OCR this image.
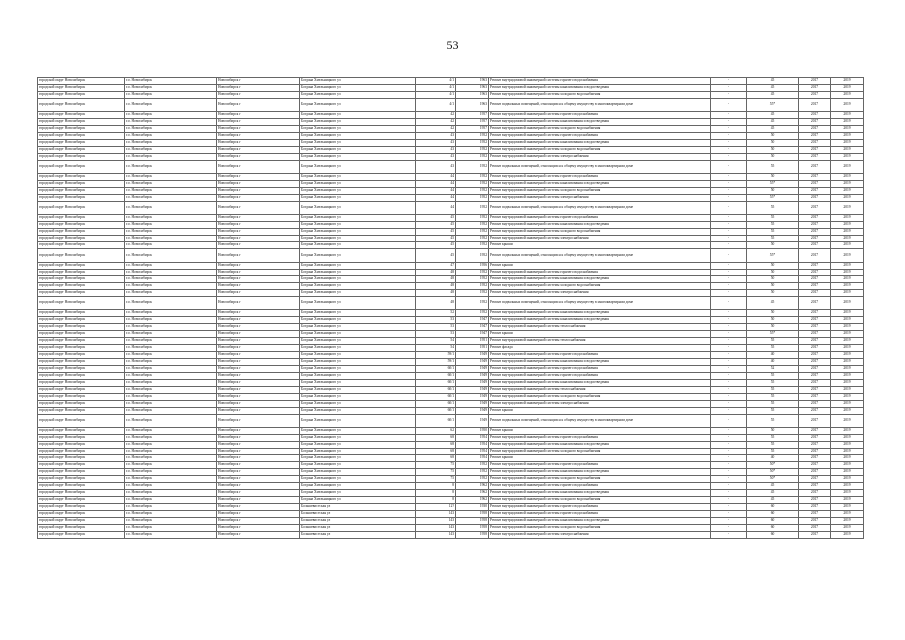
53
городской округ Новосибирск	г.о. Новосибирск	Новосибирск г	Богдана Хмельницкого ул	4/1	1963	Ремонт внутридомовой инженерной системы горячего водоснабжения	-	45	2017	2019
городской округ Новосибирск	г.о. Новосибирск	Новосибирск г	Богдана Хмельницкого ул	4/1	1963	Ремонт внутридомовой инженерной системы канализования и водоотведения	-	45	2017	2019
городской округ Новосибирск	г.о. Новосибирск	Новосибирск г	Богдана Хмельницкого ул	4/1	1963	Ремонт внутридомовой инженерной системы холодного водоснабжения	-	45	2017	2019
городской округ Новосибирск	г.о. Новосибирск	Новосибирск г	Богдана Хмельницкого ул	4/1	1963	Ремонт подвальных помещений, относящихся к общему имуществу в многоквартирном доме	-	55*	2017	2019
городской округ Новосибирск	г.о. Новосибирск	Новосибирск г	Богдана Хмельницкого ул	42	1957	Ремонт внутридомовой инженерной системы горячего водоснабжения	-	45	2017	2019
городской округ Новосибирск	г.о. Новосибирск	Новосибирск г	Богдана Хмельницкого ул	42	1957	Ремонт внутридомовой инженерной системы канализования и водоотведения	-	45	2017	2019
городской округ Новосибирск	г.о. Новосибирск	Новосибирск г	Богдана Хмельницкого ул	42	1957	Ремонт внутридомовой инженерной системы холодного водоснабжения	-	45	2017	2019
городской округ Новосибирск	г.о. Новосибирск	Новосибирск г	Богдана Хмельницкого ул	43	1952	Ремонт внутридомовой инженерной системы горячего водоснабжения	-	50	2017	2019
городской округ Новосибирск	г.о. Новосибирск	Новосибирск г	Богдана Хмельницкого ул	43	1952	Ремонт внутридомовой инженерной системы канализования и водоотведения	-	50	2017	2019
городской округ Новосибирск	г.о. Новосибирск	Новосибирск г	Богдана Хмельницкого ул	43	1952	Ремонт внутридомовой инженерной системы холодного водоснабжения	-	50	2017	2019
городской округ Новосибирск	г.о. Новосибирск	Новосибирск г	Богдана Хмельницкого ул	43	1952	Ремонт внутридомовой инженерной системы электроснабжения	-	50	2017	2019
городской округ Новосибирск	г.о. Новосибирск	Новосибирск г	Богдана Хмельницкого ул	43	1952	Ремонт подвальных помещений, относящихся к общему имуществу в многоквартирном доме	-	55	2017	2019
городской округ Новосибирск	г.о. Новосибирск	Новосибирск г	Богдана Хмельницкого ул	44	1952	Ремонт внутридомовой инженерной системы горячего водоснабжения	-	50	2017	2019
городской округ Новосибирск	г.о. Новосибирск	Новосибирск г	Богдана Хмельницкого ул	44	1952	Ремонт внутридомовой инженерной системы канализования и водоотведения	-	55*	2017	2019
городской округ Новосибирск	г.о. Новосибирск	Новосибирск г	Богдана Хмельницкого ул	44	1952	Ремонт внутридомовой инженерной системы холодного водоснабжения	-	50	2017	2019
городской округ Новосибирск	г.о. Новосибирск	Новосибирск г	Богдана Хмельницкого ул	44	1952	Ремонт внутридомовой инженерной системы электроснабжения	-	55*	2017	2019
городской округ Новосибирск	г.о. Новосибирск	Новосибирск г	Богдана Хмельницкого ул	44	1952	Ремонт подвальных помещений, относящихся к общему имуществу в многоквартирном доме	-	55	2017	2019
городской округ Новосибирск	г.о. Новосибирск	Новосибирск г	Богдана Хмельницкого ул	45	1952	Ремонт внутридомовой инженерной системы горячего водоснабжения	-	55	2017	2019
городской округ Новосибирск	г.о. Новосибирск	Новосибирск г	Богдана Хмельницкого ул	45	1952	Ремонт внутридомовой инженерной системы канализования и водоотведения	-	55	2017	2019
городской округ Новосибирск	г.о. Новосибирск	Новосибирск г	Богдана Хмельницкого ул	45	1952	Ремонт внутридомовой инженерной системы холодного водоснабжения	-	55	2017	2019
городской округ Новосибирск	г.о. Новосибирск	Новосибирск г	Богдана Хмельницкого ул	45	1952	Ремонт внутридомовой инженерной системы электроснабжения	-	55	2017	2019
городской округ Новосибирск	г.о. Новосибирск	Новосибирск г	Богдана Хмельницкого ул	45	1952	Ремонт крыши	-	50	2017	2019
городской округ Новосибирск	г.о. Новосибирск	Новосибирск г	Богдана Хмельницкого ул	45	1952	Ремонт подвальных помещений, относящихся к общему имуществу в многоквартирном доме	-	55*	2017	2019
городской округ Новосибирск	г.о. Новосибирск	Новосибирск г	Богдана Хмельницкого ул	47	1956	Ремонт крыши	-	50	2017	2019
городской округ Новосибирск	г.о. Новосибирск	Новосибирск г	Богдана Хмельницкого ул	48	1952	Ремонт внутридомовой инженерной системы горячего водоснабжения	-	50	2017	2019
городской округ Новосибирск	г.о. Новосибирск	Новосибирск г	Богдана Хмельницкого ул	48	1952	Ремонт внутридомовой инженерной системы канализования и водоотведения	-	50	2017	2019
городской округ Новосибирск	г.о. Новосибирск	Новосибирск г	Богдана Хмельницкого ул	48	1952	Ремонт внутридомовой инженерной системы холодного водоснабжения	-	50	2017	2019
городской округ Новосибирск	г.о. Новосибирск	Новосибирск г	Богдана Хмельницкого ул	48	1952	Ремонт внутридомовой инженерной системы электроснабжения	-	50	2017	2019
городской округ Новосибирск	г.о. Новосибирск	Новосибирск г	Богдана Хмельницкого ул	48	1952	Ремонт подвальных помещений, относящихся к общему имуществу в многоквартирном доме	-	45	2017	2019
городской округ Новосибирск	г.о. Новосибирск	Новосибирск г	Богдана Хмельницкого ул	52	1952	Ремонт внутридомовой инженерной системы канализования и водоотведения	-	50	2017	2019
городской округ Новосибирск	г.о. Новосибирск	Новосибирск г	Богдана Хмельницкого ул	53	1947	Ремонт внутридомовой инженерной системы канализования и водоотведения	-	50	2017	2019
городской округ Новосибирск	г.о. Новосибирск	Новосибирск г	Богдана Хмельницкого ул	53	1947	Ремонт внутридомовой инженерной системы теплоснабжения	-	50	2017	2019
городской округ Новосибирск	г.о. Новосибирск	Новосибирск г	Богдана Хмельницкого ул	53	1947	Ремонт крыши	-	55*	2017	2019
городской округ Новосибирск	г.о. Новосибирск	Новосибирск г	Богдана Хмельницкого ул	54	1951	Ремонт внутридомовой инженерной системы теплоснабжения	-	55	2017	2019
городской округ Новосибирск	г.о. Новосибирск	Новосибирск г	Богдана Хмельницкого ул	54	1951	Ремонт фасада	-	55	2017	2019
городской округ Новосибирск	г.о. Новосибирск	Новосибирск г	Богдана Хмельницкого ул	59/1	1949	Ремонт внутридомовой инженерной системы горячего водоснабжения	-	40	2017	2019
городской округ Новосибирск	г.о. Новосибирск	Новосибирск г	Богдана Хмельницкого ул	59/1	1949	Ремонт внутридомовой инженерной системы канализования и водоотведения	-	40	2017	2019
городской округ Новосибирск	г.о. Новосибирск	Новосибирск г	Богдана Хмельницкого ул	60/1	1949	Ремонт внутридомовой инженерной системы горячего водоснабжения	-	52	2017	2019
городской округ Новосибирск	г.о. Новосибирск	Новосибирск г	Богдана Хмельницкого ул	60/1	1949	Ремонт внутридомовой инженерной системы горячего водоснабжения	-	55	2017	2019
городской округ Новосибирск	г.о. Новосибирск	Новосибирск г	Богдана Хмельницкого ул	60/1	1949	Ремонт внутридомовой инженерной системы канализования и водоотведения	-	55	2017	2019
городской округ Новосибирск	г.о. Новосибирск	Новосибирск г	Богдана Хмельницкого ул	60/1	1949	Ремонт внутридомовой инженерной системы теплоснабжения	-	55	2017	2019
городской округ Новосибирск	г.о. Новосибирск	Новосибирск г	Богдана Хмельницкого ул	60/1	1949	Ремонт внутридомовой инженерной системы холодного водоснабжения	-	55	2017	2019
городской округ Новосибирск	г.о. Новосибирск	Новосибирск г	Богдана Хмельницкого ул	60/1	1949	Ремонт внутридомовой инженерной системы электроснабжения	-	55	2017	2019
городской округ Новосибирск	г.о. Новосибирск	Новосибирск г	Богдана Хмельницкого ул	60/1	1949	Ремонт крыши	-	55	2017	2019
городской округ Новосибирск	г.о. Новосибирск	Новосибирск г	Богдана Хмельницкого ул	60/1	1949	Ремонт подвальных помещений, относящихся к общему имуществу в многоквартирном доме	-	55	2017	2019
городской округ Новосибирск	г.о. Новосибирск	Новосибирск г	Богдана Хмельницкого ул	62	1950	Ремонт крыши	-	50	2017	2019
городской округ Новосибирск	г.о. Новосибирск	Новосибирск г	Богдана Хмельницкого ул	68	1954	Ремонт внутридомовой инженерной системы горячего водоснабжения	-	55	2017	2019
городской округ Новосибирск	г.о. Новосибирск	Новосибирск г	Богдана Хмельницкого ул	68	1954	Ремонт внутридомовой инженерной системы канализования и водоотведения	-	55	2017	2019
городской округ Новосибирск	г.о. Новосибирск	Новосибирск г	Богдана Хмельницкого ул	68	1954	Ремонт внутридомовой инженерной системы холодного водоснабжения	-	55	2017	2019
городской округ Новосибирск	г.о. Новосибирск	Новосибирск г	Богдана Хмельницкого ул	68	1954	Ремонт крыши	-	40	2017	2019
городской округ Новосибирск	г.о. Новосибирск	Новосибирск г	Богдана Хмельницкого ул	75	1952	Ремонт внутридомовой инженерной системы горячего водоснабжения	-	50*	2017	2019
городской округ Новосибирск	г.о. Новосибирск	Новосибирск г	Богдана Хмельницкого ул	75	1952	Ремонт внутридомовой инженерной системы канализования и водоотведения	-	50*	2017	2019
городской округ Новосибирск	г.о. Новосибирск	Новосибирск г	Богдана Хмельницкого ул	75	1952	Ремонт внутридомовой инженерной системы холодного водоснабжения	-	50*	2017	2019
городской округ Новосибирск	г.о. Новосибирск	Новосибирск г	Богдана Хмельницкого ул	8	1962	Ремонт внутридомовой инженерной системы горячего водоснабжения	-	45	2017	2019
городской округ Новосибирск	г.о. Новосибирск	Новосибирск г	Богдана Хмельницкого ул	8	1962	Ремонт внутридомовой инженерной системы канализования и водоотведения	-	45	2017	2019
городской округ Новосибирск	г.о. Новосибирск	Новосибирск г	Богдана Хмельницкого ул	8	1962	Ремонт внутридомовой инженерной системы холодного водоснабжения	-	45	2017	2019
городской округ Новосибирск	г.о. Новосибирск	Новосибирск г	Большевистская ул	12?	1930	Ремонт внутридомовой инженерной системы горячего водоснабжения	-	60	2017	2019
городской округ Новосибирск	г.о. Новосибирск	Новосибирск г	Большевистская ул	143	1958	Ремонт внутридомовой инженерной системы горячего водоснабжения	-	60	2017	2019
городской округ Новосибирск	г.о. Новосибирск	Новосибирск г	Большевистская ул	143	1958	Ремонт внутридомовой инженерной системы канализования и водоотведения	-	60	2017	2019
городской округ Новосибирск	г.о. Новосибирск	Новосибирск г	Большевистская ул	143	1958	Ремонт внутридомовой инженерной системы холодного водоснабжения	-	60	2017	2019
городской округ Новосибирск	г.о. Новосибирск	Новосибирск г	Большевистская ул	143	1958	Ремонт внутридомовой инженерной системы электроснабжения	-	60	2017	2019
